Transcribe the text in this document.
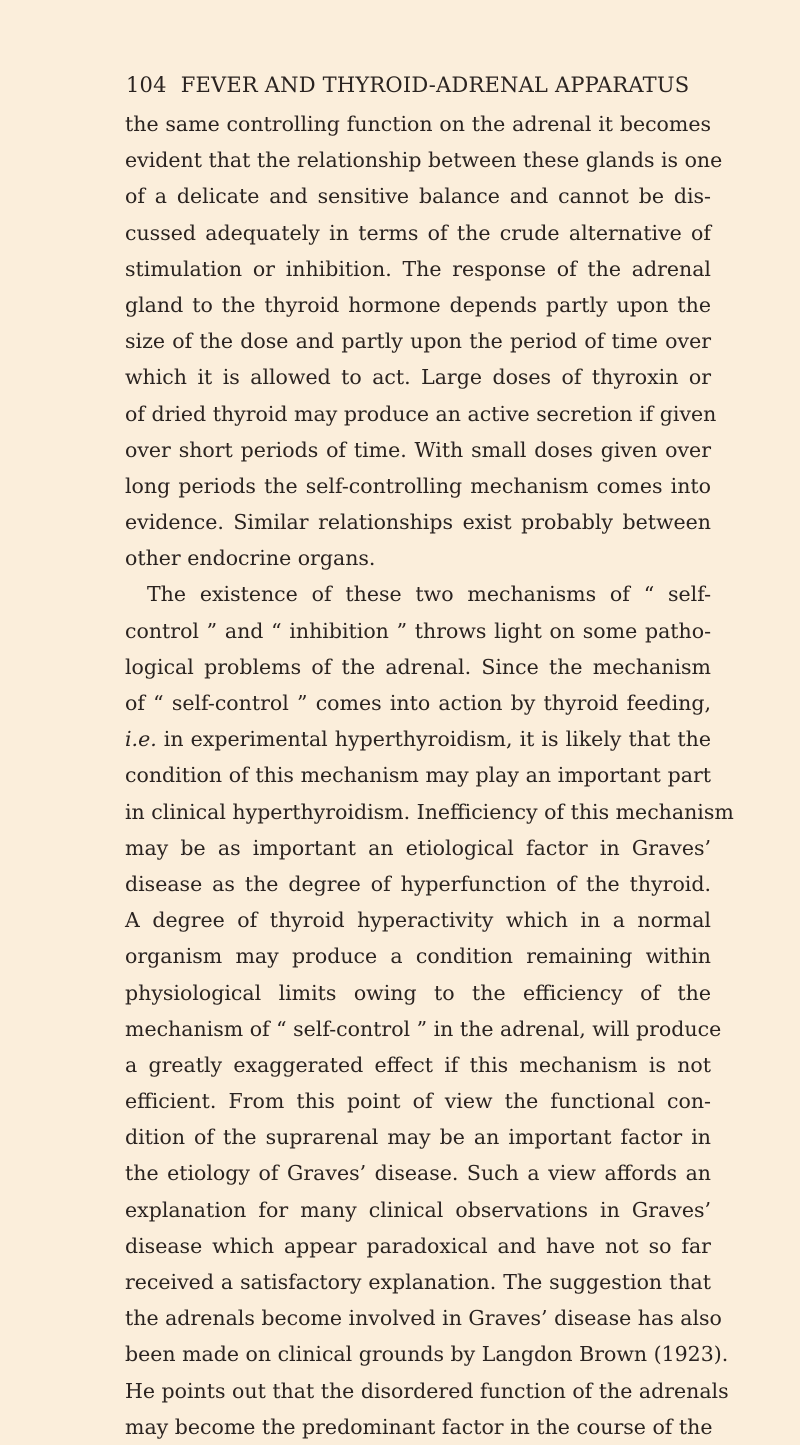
104 FEVER AND THYROID-ADRENAL APPARATUS
the same controlling function on the adrenal it becomes
evident that the relationship between these glands is one
of a delicate and sensitive balance and cannot be dis-
cussed adequately in terms of the crude alternative of
stimulation or inhibition. The response of the adrenal
gland to the thyroid hormone depends partly upon the
size of the dose and partly upon the period of time over
which it is allowed to act. Large doses of thyroxin or
of dried thyroid may produce an active secretion if given
over short periods of time. With small doses given over
long periods the self-controlling mechanism comes into
evidence. Similar relationships exist probably between
other endocrine organs.
The existence of these two mechanisms of “ self-
control ” and “ inhibition ” throws light on some patho-
logical problems of the adrenal. Since the mechanism
of “ self-control ” comes into action by thyroid feeding,
i.e. in experimental hyperthyroidism, it is likely that the
condition of this mechanism may play an important part
in clinical hyperthyroidism. Inefficiency of this mechanism
may be as important an etiological factor in Graves’
disease as the degree of hyperfunction of the thyroid.
A degree of thyroid hyperactivity which in a normal
organism may produce a condition remaining within
physiological limits owing to the efficiency of the
mechanism of “ self-control ” in the adrenal, will produce
a greatly exaggerated effect if this mechanism is not
efficient. From this point of view the functional con-
dition of the suprarenal may be an important factor in
the etiology of Graves’ disease. Such a view affords an
explanation for many clinical observations in Graves’
disease which appear paradoxical and have not so far
received a satisfactory explanation. The suggestion that
the adrenals become involved in Graves’ disease has also
been made on clinical grounds by Langdon Brown (1923).
He points out that the disordered function of the adrenals
may become the predominant factor in the course of the
